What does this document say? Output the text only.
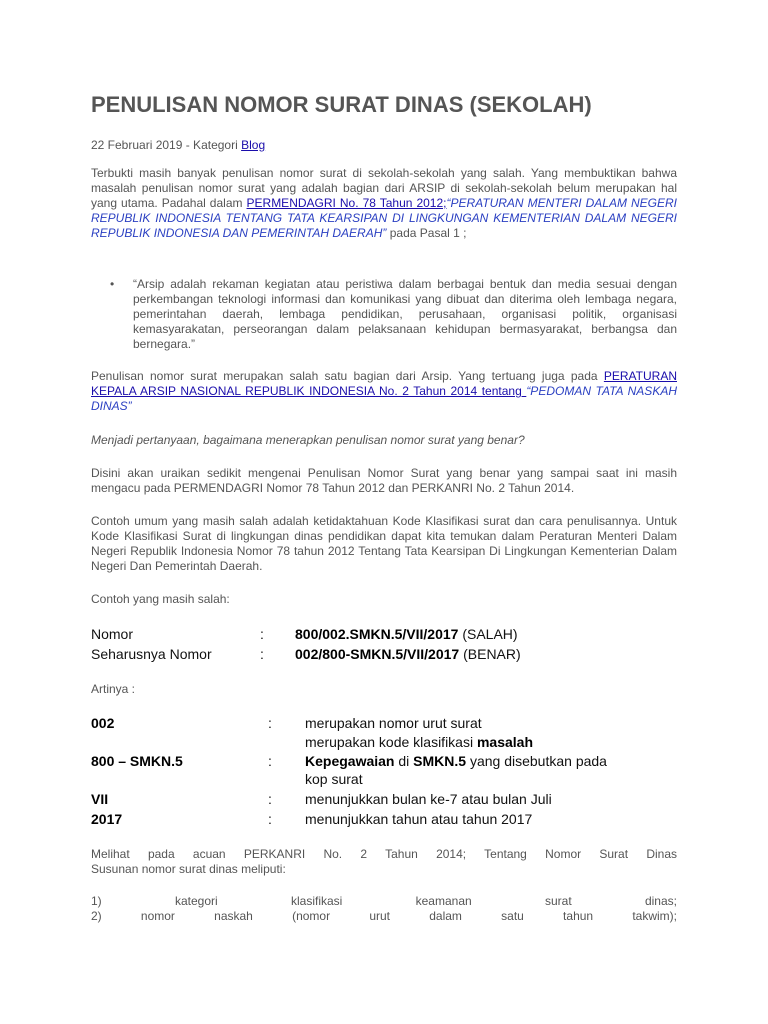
PENULISAN NOMOR SURAT DINAS (SEKOLAH)

22 Februari 2019 - Kategori Blog

Terbukti masih banyak penulisan nomor surat di sekolah-sekolah yang salah. Yang membuktikan bahwa masalah penulisan nomor surat yang adalah bagian dari ARSIP di sekolah-sekolah belum merupakan hal yang utama. Padahal dalam PERMENDAGRI No. 78 Tahun 2012;“PERATURAN MENTERI DALAM NEGERI REPUBLIK INDONESIA TENTANG TATA KEARSIPAN DI LINGKUNGAN KEMENTERIAN DALAM NEGERI REPUBLIK INDONESIA DAN PEMERINTAH DAERAH” pada Pasal 1 ;

• “Arsip adalah rekaman kegiatan atau peristiwa dalam berbagai bentuk dan media sesuai dengan perkembangan teknologi informasi dan komunikasi yang dibuat dan diterima oleh lembaga negara, pemerintahan daerah, lembaga pendidikan, perusahaan, organisasi politik, organisasi kemasyarakatan, perseorangan dalam pelaksanaan kehidupan bermasyarakat, berbangsa dan bernegara.”

Penulisan nomor surat merupakan salah satu bagian dari Arsip. Yang tertuang juga pada PERATURAN KEPALA ARSIP NASIONAL REPUBLIK INDONESIA No. 2 Tahun 2014 tentang “PEDOMAN TATA NASKAH DINAS”

Menjadi pertanyaan, bagaimana menerapkan penulisan nomor surat yang benar?

Disini akan uraikan sedikit mengenai Penulisan Nomor Surat yang benar yang sampai saat ini masih mengacu pada PERMENDAGRI Nomor 78 Tahun 2012 dan PERKANRI No. 2 Tahun 2014.

Contoh umum yang masih salah adalah ketidaktahuan Kode Klasifikasi surat dan cara penulisannya. Untuk Kode Klasifikasi Surat di lingkungan dinas pendidikan dapat kita temukan dalam Peraturan Menteri Dalam Negeri Republik Indonesia Nomor 78 tahun 2012 Tentang Tata Kearsipan Di Lingkungan Kementerian Dalam Negeri Dan Pemerintah Daerah.

Contoh yang masih salah:

Nomor	: 800/002.SMKN.5/VII/2017 (SALAH)

Seharusnya Nomor	: 002/800-SMKN.5/VII/2017 (BENAR)

Artinya :

002	: merupakan nomor urut surat

merupakan kode klasifikasi masalah

800 – SMKN.5	: Kepegawaian di SMKN.5 yang disebutkan pada

kop surat

VII	: menunjukkan bulan ke-7 atau bulan Juli

2017	: menunjukkan tahun atau tahun 2017

Melihat pada acuan PERKANRI No. 2 Tahun 2014; Tentang Nomor Surat Dinas

Susunan nomor surat dinas meliputi:

1) kategori klasifikasi keamanan surat dinas;

2) nomor naskah (nomor urut dalam satu tahun takwim);
